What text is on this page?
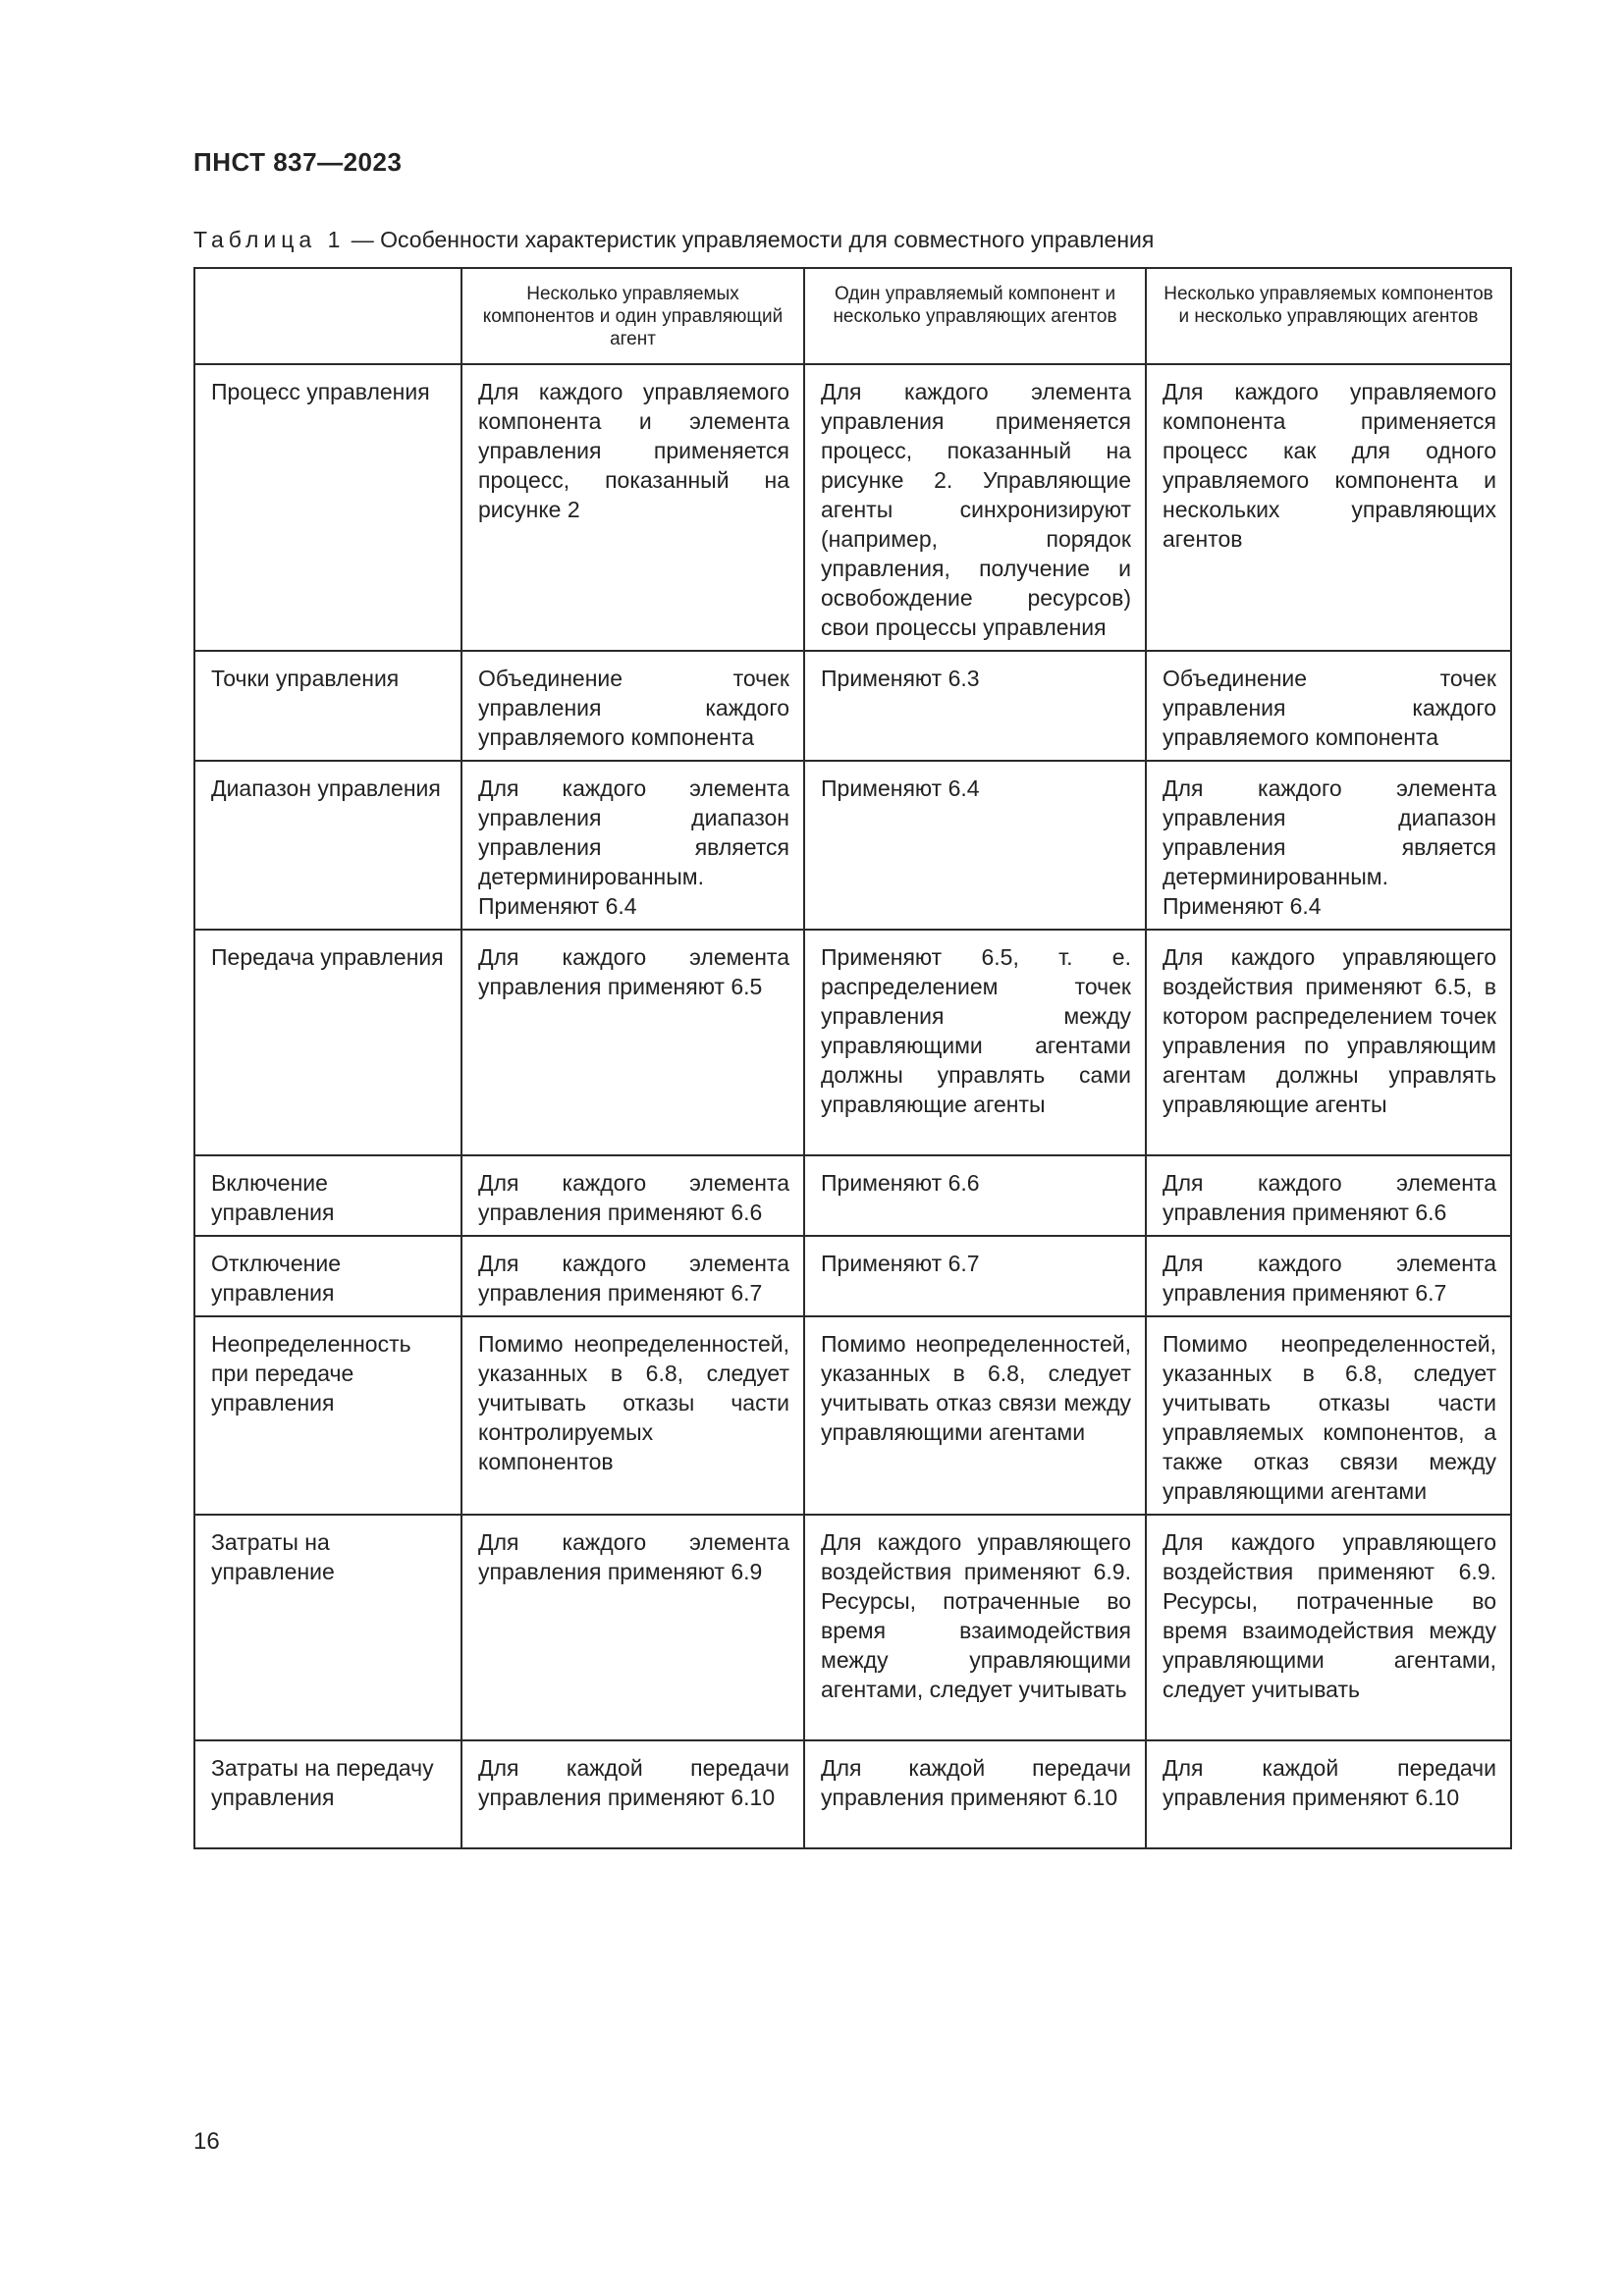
ПНСТ 837—2023
Таблица 1 — Особенности характеристик управляемости для совместного управления
	Несколько управляемых компонентов и один управляющий агент	Один управляемый компонент и несколько управляющих агентов	Несколько управляемых компонентов и несколько управляющих агентов
Процесс управления	Для каждого управляемого компонента и элемента управления применяется процесс, показанный на рисунке 2	Для каждого элемента управления применяется процесс, показанный на рисунке 2. Управляющие агенты синхронизируют (например, порядок управления, получение и освобождение ресурсов) свои процессы управления	Для каждого управляемого компонента применяется процесс как для одного управляемого компонента и нескольких управляющих агентов
Точки управления	Объединение точек управления каждого управляемого компонента	Применяют 6.3	Объединение точек управления каждого управляемого компонента
Диапазон управления	Для каждого элемента управления диапазон управления является детерминированным. Применяют 6.4	Применяют 6.4	Для каждого элемента управления диапазон управления является детерминированным. Применяют 6.4
Передача управления	Для каждого элемента управления применяют 6.5	Применяют 6.5, т. е. распределением точек управления между управляющими агентами должны управлять сами управляющие агенты	Для каждого управляющего воздействия применяют 6.5, в котором распределением точек управления по управляющим агентам должны управлять управляющие агенты
Включение управления	Для каждого элемента управления применяют 6.6	Применяют 6.6	Для каждого элемента управления применяют 6.6
Отключение управления	Для каждого элемента управления применяют 6.7	Применяют 6.7	Для каждого элемента управления применяют 6.7
Неопределенность при передаче управления	Помимо неопределенностей, указанных в 6.8, следует учитывать отказы части контролируемых компонентов	Помимо неопределенностей, указанных в 6.8, следует учитывать отказ связи между управляющими агентами	Помимо неопределенностей, указанных в 6.8, следует учитывать отказы части управляемых компонентов, а также отказ связи между управляющими агентами
Затраты на управление	Для каждого элемента управления применяют 6.9	Для каждого управляющего воздействия применяют 6.9. Ресурсы, потраченные во время взаимодействия между управляющими агентами, следует учитывать	Для каждого управляющего воздействия применяют 6.9. Ресурсы, потраченные во время взаимодействия между управляющими агентами, следует учитывать
Затраты на передачу управления	Для каждой передачи управления применяют 6.10	Для каждой передачи управления применяют 6.10	Для каждой передачи управления применяют 6.10
16
